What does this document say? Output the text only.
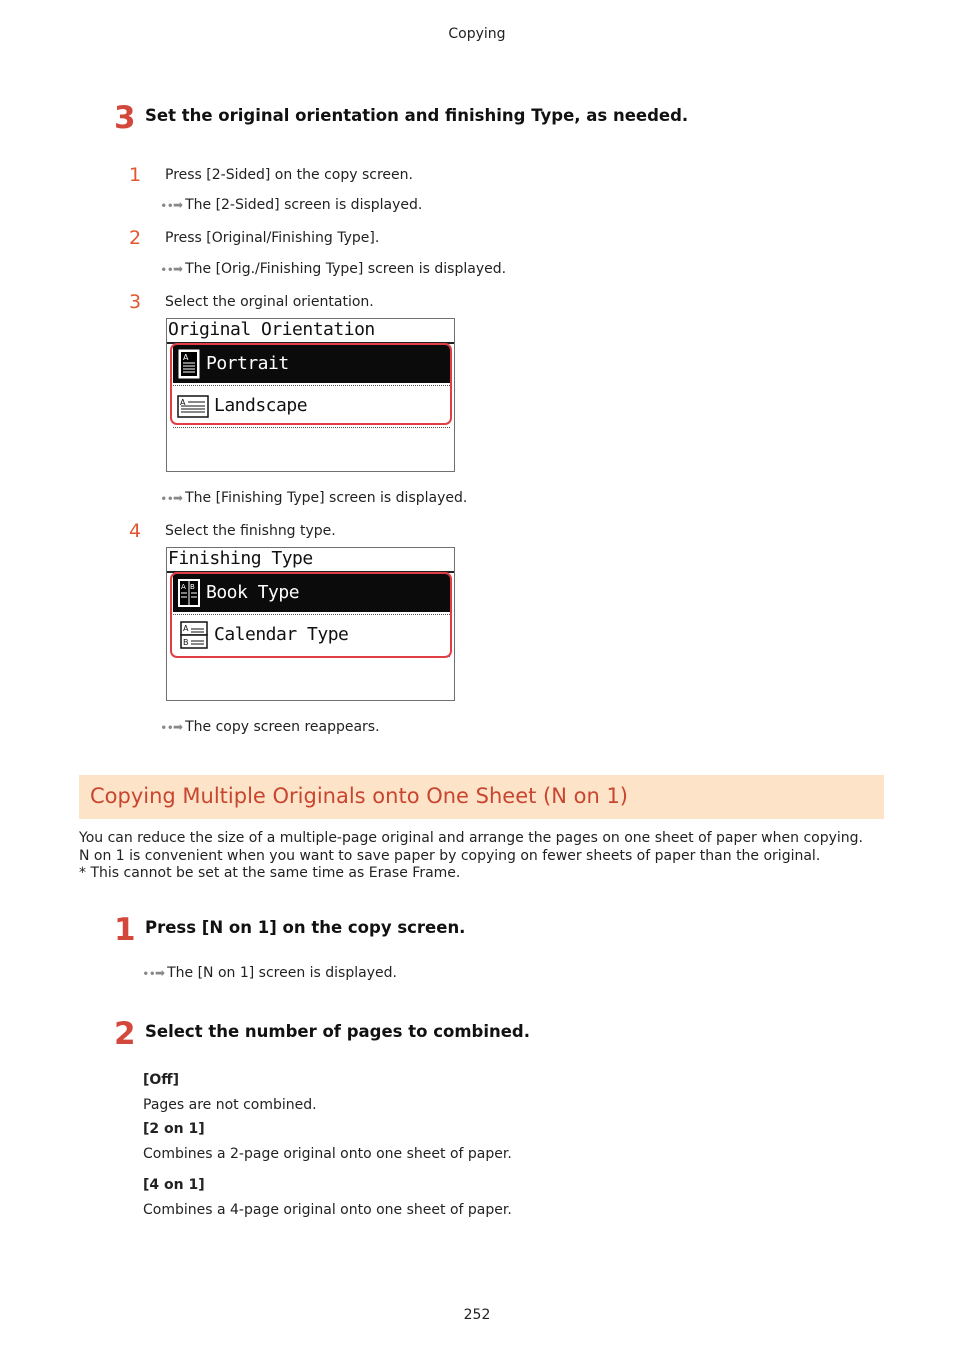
Copying
3 Set the original orientation and finishing Type, as needed.
1 Press [2-Sided] on the copy screen.
∙∙➡ The [2-Sided] screen is displayed.
2 Press [Original/Finishing Type].
∙∙➡ The [Orig./Finishing Type] screen is displayed.
3 Select the orginal orientation.
Original Orientation
A Portrait
A Landscape
∙∙➡ The [Finishing Type] screen is displayed.
4 Select the finishng type.
Finishing Type
A B Book Type
A
B Calendar Type
∙∙➡ The copy screen reappears.
Copying Multiple Originals onto One Sheet (N on 1)
You can reduce the size of a multiple-page original and arrange the pages on one sheet of paper when copying.
N on 1 is convenient when you want to save paper by copying on fewer sheets of paper than the original.
* This cannot be set at the same time as Erase Frame.
1 Press [N on 1] on the copy screen.
∙∙➡ The [N on 1] screen is displayed.
2 Select the number of pages to combined.
[Off]
Pages are not combined.
[2 on 1]
Combines a 2-page original onto one sheet of paper.
[4 on 1]
Combines a 4-page original onto one sheet of paper.
252
